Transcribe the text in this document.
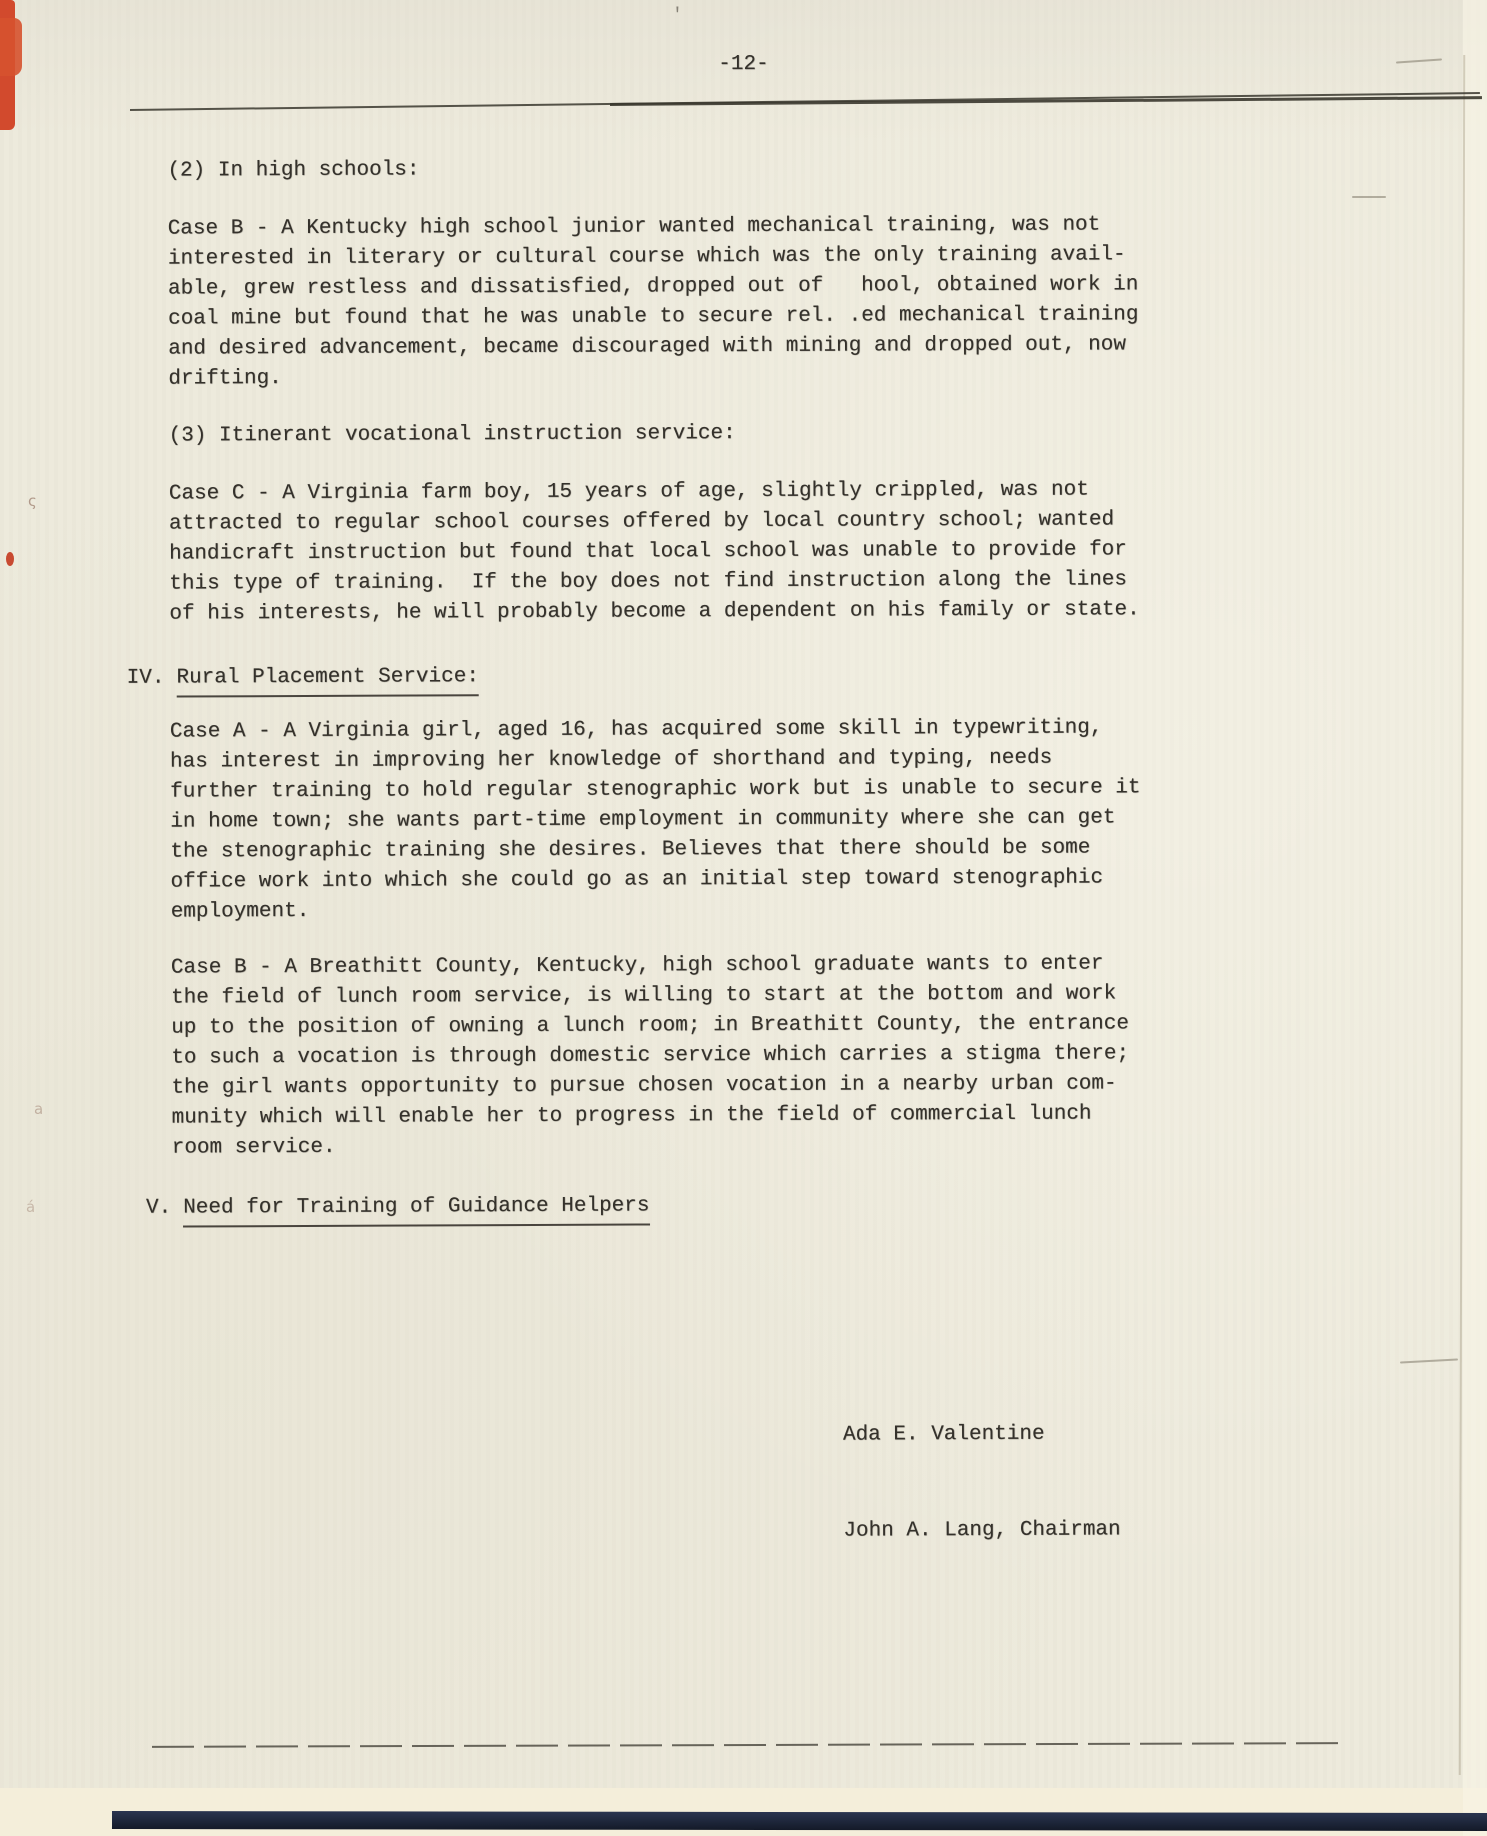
'
ς
a
á
-12-
(2) In high schools:
Case B - A Kentucky high school junior wanted mechanical training, was not
interested in literary or cultural course which was the only training avail-
able, grew restless and dissatisfied, dropped out of   hool, obtained work in
coal mine but found that he was unable to secure rel. .ed mechanical training
and desired advancement, became discouraged with mining and dropped out, now
drifting.
(3) Itinerant vocational instruction service:
Case C - A Virginia farm boy, 15 years of age, slightly crippled, was not
attracted to regular school courses offered by local country school; wanted
handicraft instruction but found that local school was unable to provide for
this type of training.  If the boy does not find instruction along the lines
of his interests, he will probably become a dependent on his family or state.
IV. Rural Placement Service:
Case A - A Virginia girl, aged 16, has acquired some skill in typewriting,
has interest in improving her knowledge of shorthand and typing, needs
further training to hold regular stenographic work but is unable to secure it
in home town; she wants part-time employment in community where she can get
the stenographic training she desires. Believes that there should be some
office work into which she could go as an initial step toward stenographic
employment.
Case B - A Breathitt County, Kentucky, high school graduate wants to enter
the field of lunch room service, is willing to start at the bottom and work
up to the position of owning a lunch room; in Breathitt County, the entrance
to such a vocation is through domestic service which carries a stigma there;
the girl wants opportunity to pursue chosen vocation in a nearby urban com-
munity which will enable her to progress in the field of commercial lunch
room service.
V. Need for Training of Guidance Helpers

Ada E. Valentine

John A. Lang, Chairman
